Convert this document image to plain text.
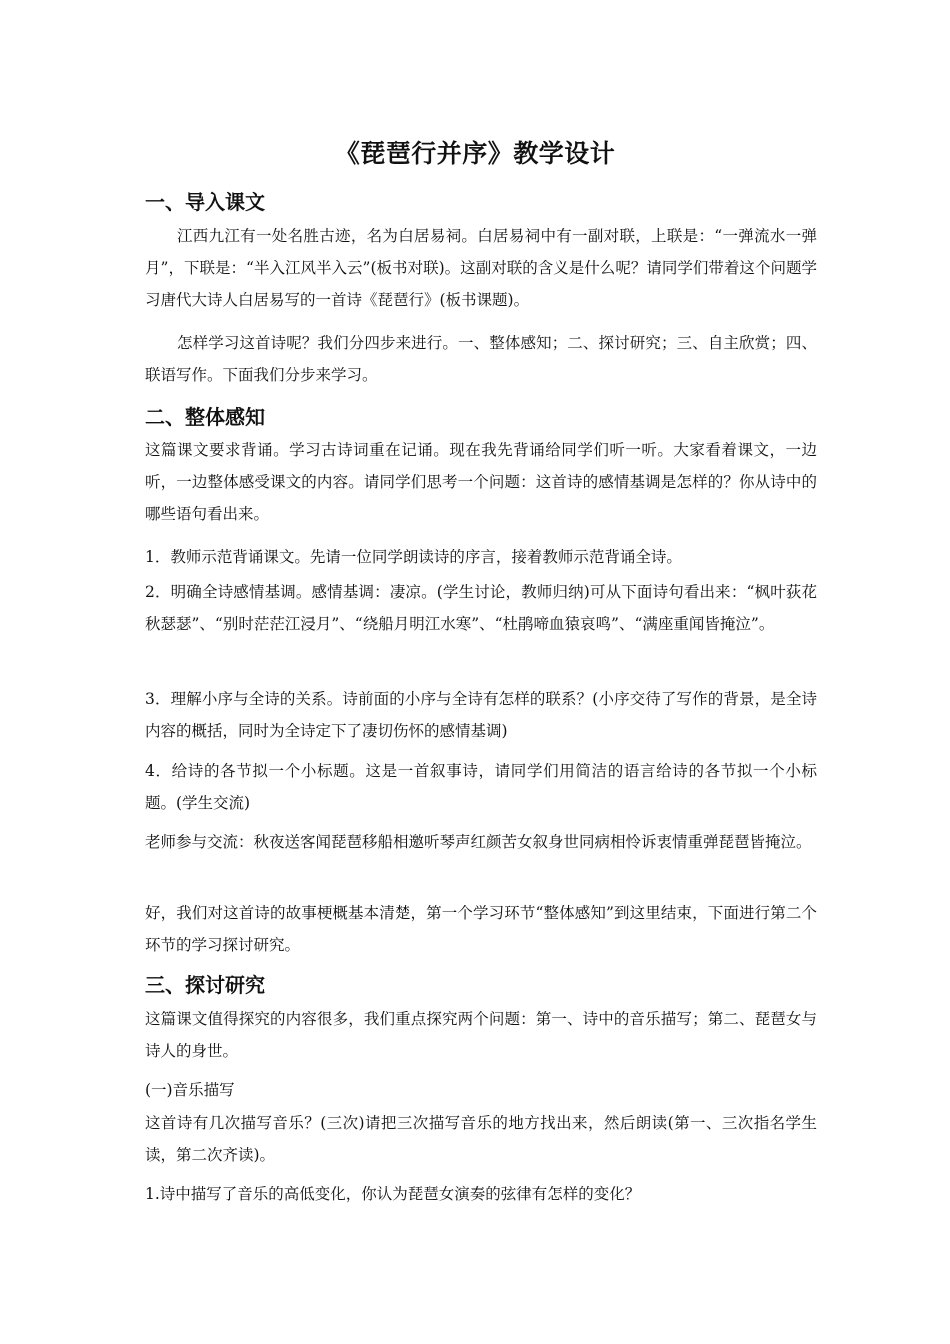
《琵琶行并序》教学设计
一、导入课文
江西九江有一处名胜古迹，名为白居易祠。白居易祠中有一副对联，上联是：“一弹流水一弹月”，下联是：“半入江风半入云”(板书对联)。这副对联的含义是什么呢？请同学们带着这个问题学习唐代大诗人白居易写的一首诗《琵琶行》(板书课题)。
怎样学习这首诗呢？我们分四步来进行。一、整体感知；二、探讨研究；三、自主欣赏；四、联语写作。下面我们分步来学习。
二、整体感知
这篇课文要求背诵。学习古诗词重在记诵。现在我先背诵给同学们听一听。大家看着课文，一边听，一边整体感受课文的内容。请同学们思考一个问题：这首诗的感情基调是怎样的？你从诗中的哪些语句看出来。
1．教师示范背诵课文。先请一位同学朗读诗的序言，接着教师示范背诵全诗。
2．明确全诗感情基调。感情基调：凄凉。(学生讨论，教师归纳)可从下面诗句看出来：“枫叶荻花秋瑟瑟”、“别时茫茫江浸月”、“绕船月明江水寒”、“杜鹃啼血猿哀鸣”、“满座重闻皆掩泣”。
3．理解小序与全诗的关系。诗前面的小序与全诗有怎样的联系？(小序交待了写作的背景，是全诗内容的概括，同时为全诗定下了凄切伤怀的感情基调)
4．给诗的各节拟一个小标题。这是一首叙事诗，请同学们用简洁的语言给诗的各节拟一个小标题。(学生交流)
老师参与交流：秋夜送客闻琵琶移船相邀听琴声红颜苦女叙身世同病相怜诉衷情重弹琵琶皆掩泣。
好，我们对这首诗的故事梗概基本清楚，第一个学习环节“整体感知”到这里结束，下面进行第二个环节的学习探讨研究。
三、探讨研究
这篇课文值得探究的内容很多，我们重点探究两个问题：第一、诗中的音乐描写；第二、琵琶女与诗人的身世。
(一)音乐描写
这首诗有几次描写音乐？(三次)请把三次描写音乐的地方找出来，然后朗读(第一、三次指名学生读，第二次齐读)。
1.诗中描写了音乐的高低变化，你认为琵琶女演奏的弦律有怎样的变化？
